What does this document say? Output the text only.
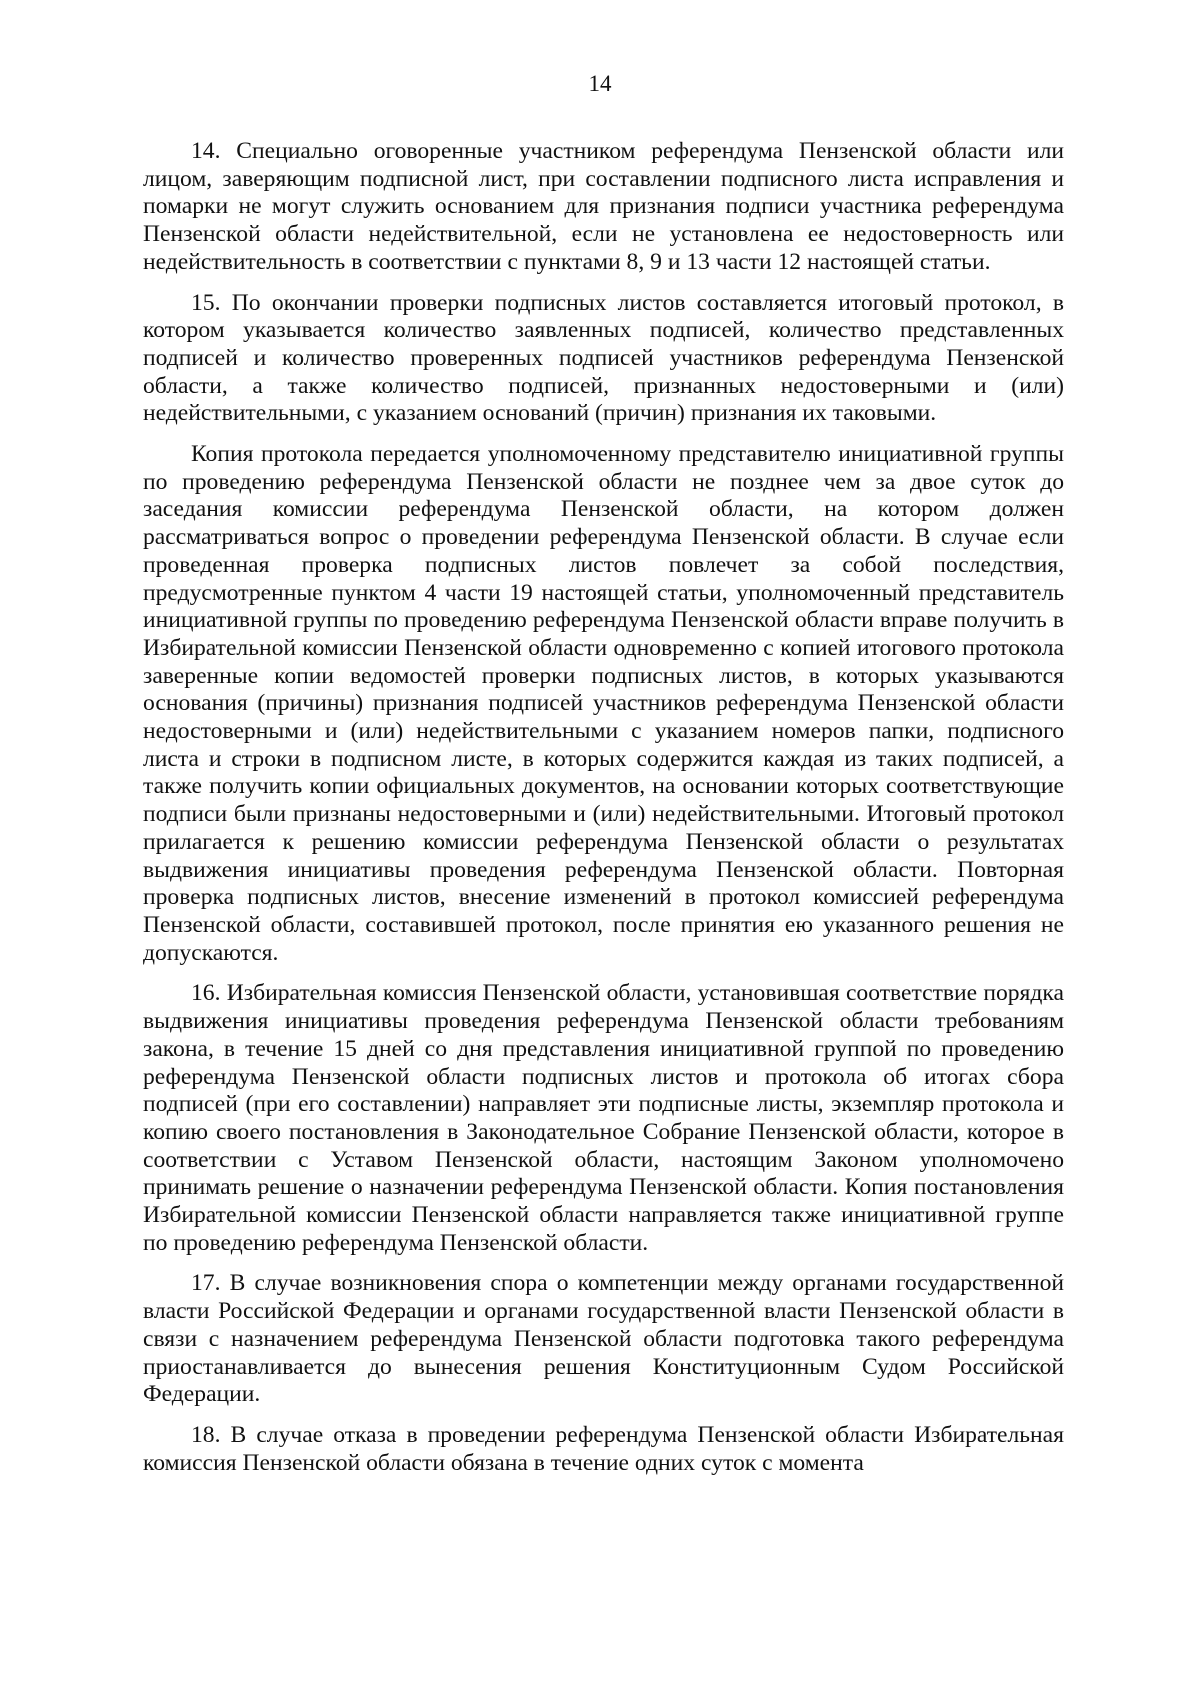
14

14. Специально оговоренные участником референдума Пензенской области или лицом, заверяющим подписной лист, при составлении подписного листа исправления и помарки не могут служить основанием для признания подписи участника референдума Пензенской области недействительной, если не установлена ее недостоверность или недействительность в соответствии с пунктами 8, 9 и 13 части 12 настоящей статьи.

15. По окончании проверки подписных листов составляется итоговый протокол, в котором указывается количество заявленных подписей, количество представленных подписей и количество проверенных подписей участников референдума Пензенской области, а также количество подписей, признанных недостоверными и (или) недействительными, с указанием оснований (причин) признания их таковыми.

Копия протокола передается уполномоченному представителю инициативной группы по проведению референдума Пензенской области не позднее чем за двое суток до заседания комиссии референдума Пензенской области, на котором должен рассматриваться вопрос о проведении референдума Пензенской области. В случае если проведенная проверка подписных листов повлечет за собой последствия, предусмотренные пунктом 4 части 19 настоящей статьи, уполномоченный представитель инициативной группы по проведению референдума Пензенской области вправе получить в Избирательной комиссии Пензенской области одновременно с копией итогового протокола заверенные копии ведомостей проверки подписных листов, в которых указываются основания (причины) признания подписей участников референдума Пензенской области недостоверными и (или) недействительными с указанием номеров папки, подписного листа и строки в подписном листе, в которых содержится каждая из таких подписей, а также получить копии официальных документов, на основании которых соответствующие подписи были признаны недостоверными и (или) недействительными. Итоговый протокол прилагается к решению комиссии референдума Пензенской области о результатах выдвижения инициативы проведения референдума Пензенской области. Повторная проверка подписных листов, внесение изменений в протокол комиссией референдума Пензенской области, составившей протокол, после принятия ею указанного решения не допускаются.

16. Избирательная комиссия Пензенской области, установившая соответствие порядка выдвижения инициативы проведения референдума Пензенской области требованиям закона, в течение 15 дней со дня представления инициативной группой по проведению референдума Пензенской области подписных листов и протокола об итогах сбора подписей (при его составлении) направляет эти подписные листы, экземпляр протокола и копию своего постановления в Законодательное Собрание Пензенской области, которое в соответствии с Уставом Пензенской области, настоящим Законом уполномочено принимать решение о назначении референдума Пензенской области. Копия постановления Избирательной комиссии Пензенской области направляется также инициативной группе по проведению референдума Пензенской области.

17. В случае возникновения спора о компетенции между органами государственной власти Российской Федерации и органами государственной власти Пензенской области в связи с назначением референдума Пензенской области подготовка такого референдума приостанавливается до вынесения решения Конституционным Судом Российской Федерации.

18. В случае отказа в проведении референдума Пензенской области Избирательная комиссия Пензенской области обязана в течение одних суток с момента
